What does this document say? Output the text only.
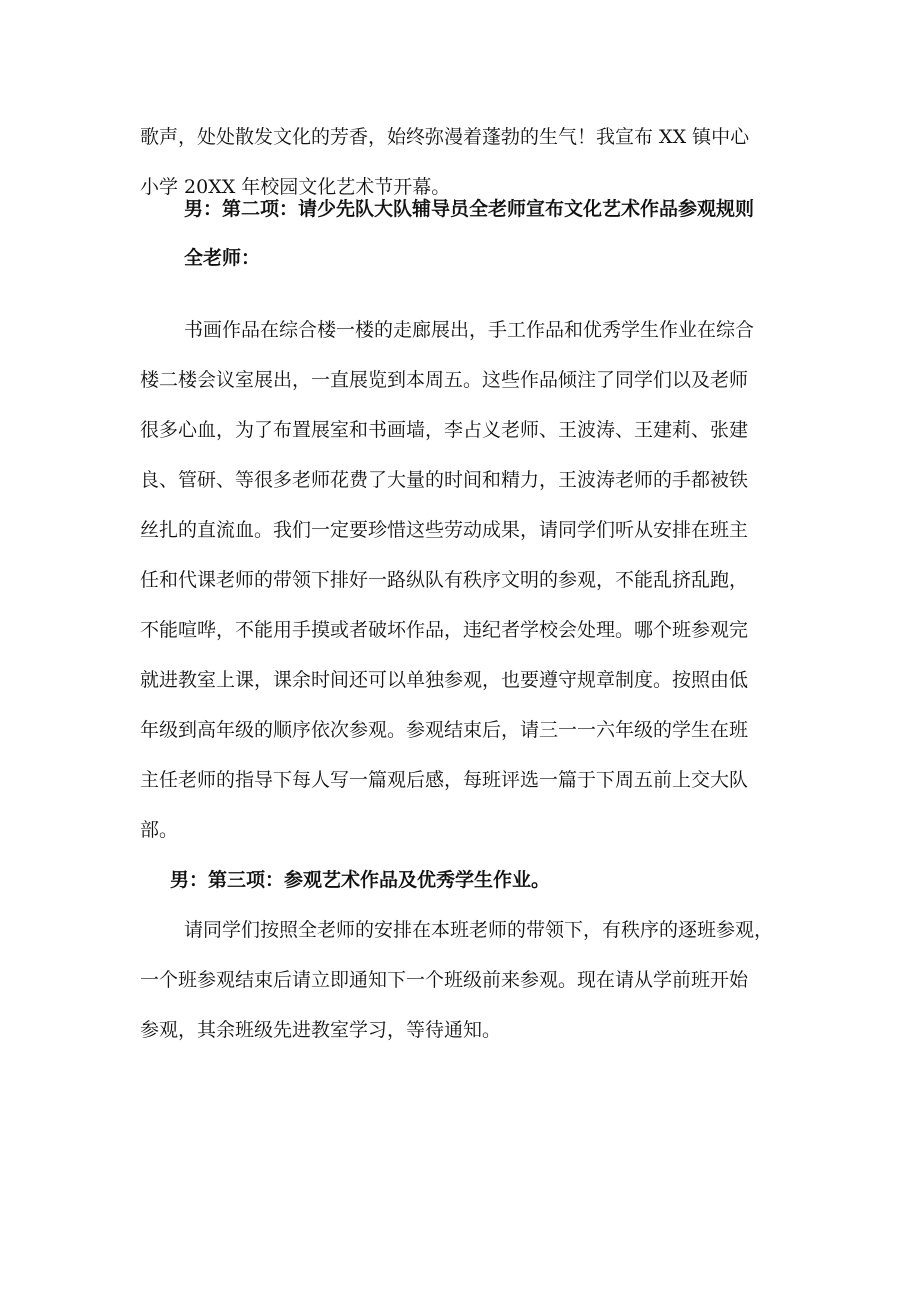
歌声，处处散发文化的芳香，始终弥漫着蓬勃的生气！我宣布 XX 镇中心
小学 20XX 年校园文化艺术节开幕。
男：第二项：请少先队大队辅导员全老师宣布文化艺术作品参观规则
全老师：
书画作品在综合楼一楼的走廊展出，手工作品和优秀学生作业在综合
楼二楼会议室展出，一直展览到本周五。这些作品倾注了同学们以及老师
很多心血，为了布置展室和书画墙，李占义老师、王波涛、王建莉、张建
良、管研、等很多老师花费了大量的时间和精力，王波涛老师的手都被铁
丝扎的直流血。我们一定要珍惜这些劳动成果，请同学们听从安排在班主
任和代课老师的带领下排好一路纵队有秩序文明的参观，不能乱挤乱跑，
不能喧哗，不能用手摸或者破坏作品，违纪者学校会处理。哪个班参观完
就进教室上课，课余时间还可以单独参观，也要遵守规章制度。按照由低
年级到高年级的顺序依次参观。参观结束后，请三一一六年级的学生在班
主任老师的指导下每人写一篇观后感，每班评选一篇于下周五前上交大队
部。
男：第三项：参观艺术作品及优秀学生作业。
请同学们按照全老师的安排在本班老师的带领下，有秩序的逐班参观，
一个班参观结束后请立即通知下一个班级前来参观。现在请从学前班开始
参观，其余班级先进教室学习，等待通知。
